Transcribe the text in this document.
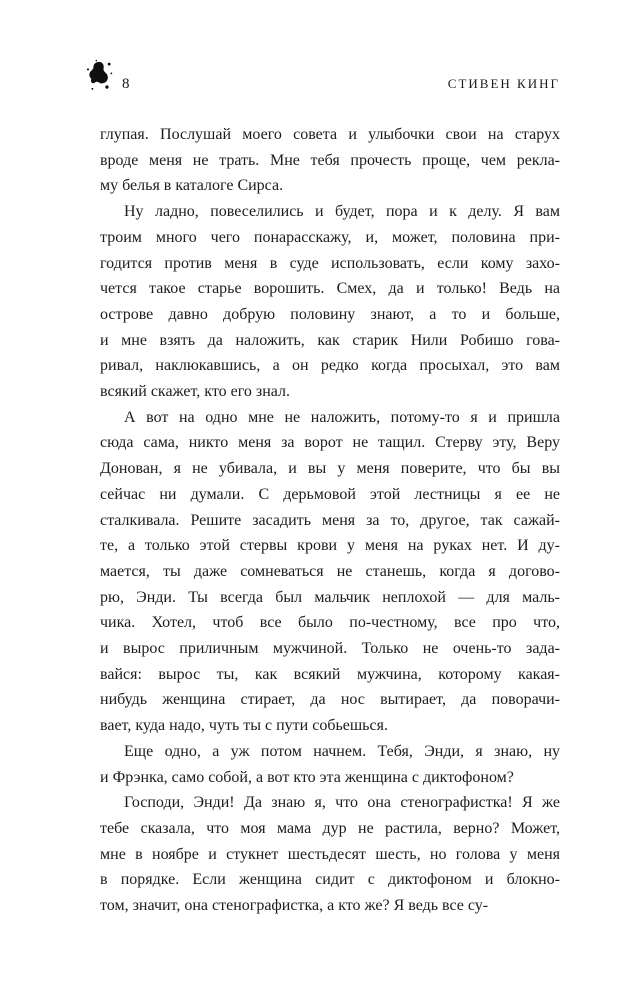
8	СТИВЕН КИНГ
глупая. Послушай моего совета и улыбочки свои на старух
вроде меня не трать. Мне тебя прочесть проще, чем рекла-
му белья в каталоге Сирса.
Ну ладно, повеселились и будет, пора и к делу. Я вам
троим много чего понарасскажу, и, может, половина при-
годится против меня в суде использовать, если кому захо-
чется такое старье ворошить. Смех, да и только! Ведь на
острове давно добрую половину знают, а то и больше,
и мне взять да наложить, как старик Нили Робишо гова-
ривал, наклюкавшись, а он редко когда просыхал, это вам
всякий скажет, кто его знал.
А вот на одно мне не наложить, потому-то я и пришла
сюда сама, никто меня за ворот не тащил. Стерву эту, Веру
Донован, я не убивала, и вы у меня поверите, что бы вы
сейчас ни думали. С дерьмовой этой лестницы я ее не
сталкивала. Решите засадить меня за то, другое, так сажай-
те, а только этой стервы крови у меня на руках нет. И ду-
мается, ты даже сомневаться не станешь, когда я догово-
рю, Энди. Ты всегда был мальчик неплохой — для маль-
чика. Хотел, чтоб все было по-честному, все про что,
и вырос приличным мужчиной. Только не очень-то зада-
вайся: вырос ты, как всякий мужчина, которому какая-
нибудь женщина стирает, да нос вытирает, да поворачи-
вает, куда надо, чуть ты с пути собьешься.
Еще одно, а уж потом начнем. Тебя, Энди, я знаю, ну
и Фрэнка, само собой, а вот кто эта женщина с диктофоном?
Господи, Энди! Да знаю я, что она стенографистка! Я же
тебе сказала, что моя мама дур не растила, верно? Может,
мне в ноябре и стукнет шестьдесят шесть, но голова у меня
в порядке. Если женщина сидит с диктофоном и блокно-
том, значит, она стенографистка, а кто же? Я ведь все су-
